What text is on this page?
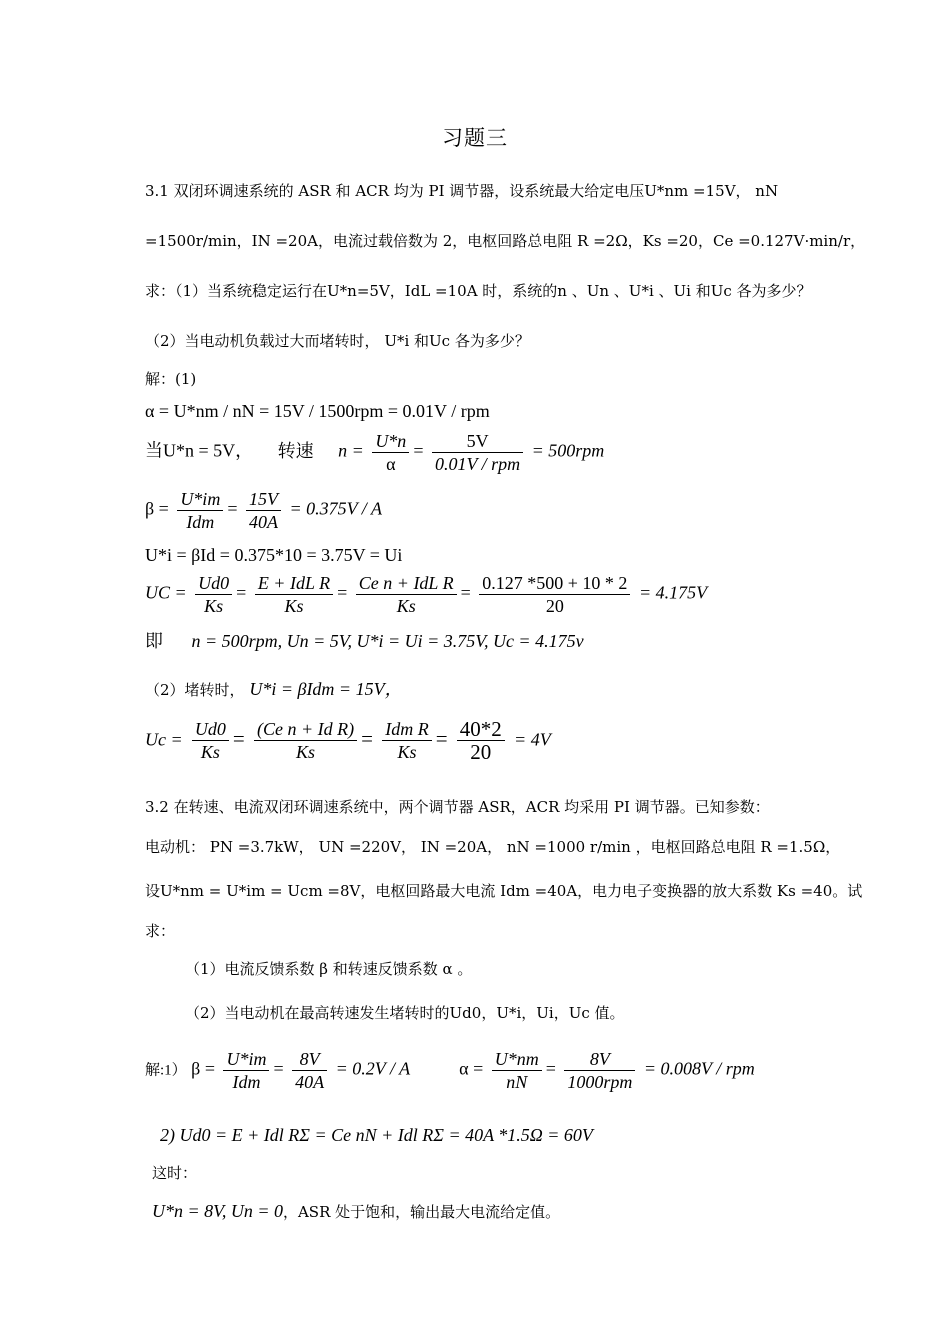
习题三
3.1 双闭环调速系统的 ASR 和 ACR 均为 PI 调节器，设系统最大给定电压U*nm =15V， nN
=1500r/min，IN =20A，电流过载倍数为 2，电枢回路总电阻 R =2Ω，Ks =20，Ce =0.127V·min/r，
求：（1）当系统稳定运行在U*n=5V，IdL =10A 时，系统的n 、Un 、U*i 、Ui 和Uc 各为多少？
（2）当电动机负载过大而堵转时， U*i 和Uc 各为多少？
解：(1)
α = U*nm / nN = 15V / 1500rpm = 0.01V / rpm
当U*n = 5V， 转速 $n = \frac{U*n}{\alpha} = \frac{5V}{\text{0.01V / rpm}} = 500rpm$
$\beta = \frac{U*im}{\text{Idm}} = \frac{15V}{40A} = 0.375V / A$
U*i = βId = 0.375*10 = 3.75V = Ui
UC = $\frac{Ud0}{Ks} = \frac{\text{E + IdL R}}{Ks} = \frac{\text{Ce n + IdL R}}{Ks} = \frac{0.127 *500 + 10 * 2}{20} = 4.175V$
即 n = 500rpm, Un = 5V, U*i = Ui = 3.75V, Uc = 4.175v
（2）堵转时， U*i = βIdm = 15V，
$Uc = \frac{Ud0}{Ks} = \frac{\text{(Ce n + Id R)}}{Ks} = \frac{\text{Idm R}}{Ks} = \frac{40*2}{20} = 4V$
3.2 在转速、电流双闭环调速系统中，两个调节器 ASR，ACR 均采用 PI 调节器。已知参数：
电动机： PN =3.7kW， UN =220V， IN =20A， nN =1000 r/min ，电枢回路总电阻 R =1.5Ω，
设U*nm = U*im = Ucm =8V，电枢回路最大电流 Idm =40A，电力电子变换器的放大系数 Ks =40。试
求：
（1）电流反馈系数 β 和转速反馈系数 α 。
（2）当电动机在最高转速发生堵转时的Ud0，U*i，Ui，Uc 值。
解:1） $\beta = \frac{U*im}{\text{Idm}} = \frac{8V}{40A} = 0.2V / A$	$\alpha = \frac{U*nm}{nN} = \frac{8V}{\text{1000rpm}} = 0.008V$ / rpm
2) Ud0 = E + Idl RΣ = Ce nN + Idl RΣ = 40A *1.5Ω = 60V
这时：
U*n = 8V, Un = 0，ASR 处于饱和，输出最大电流给定值。
